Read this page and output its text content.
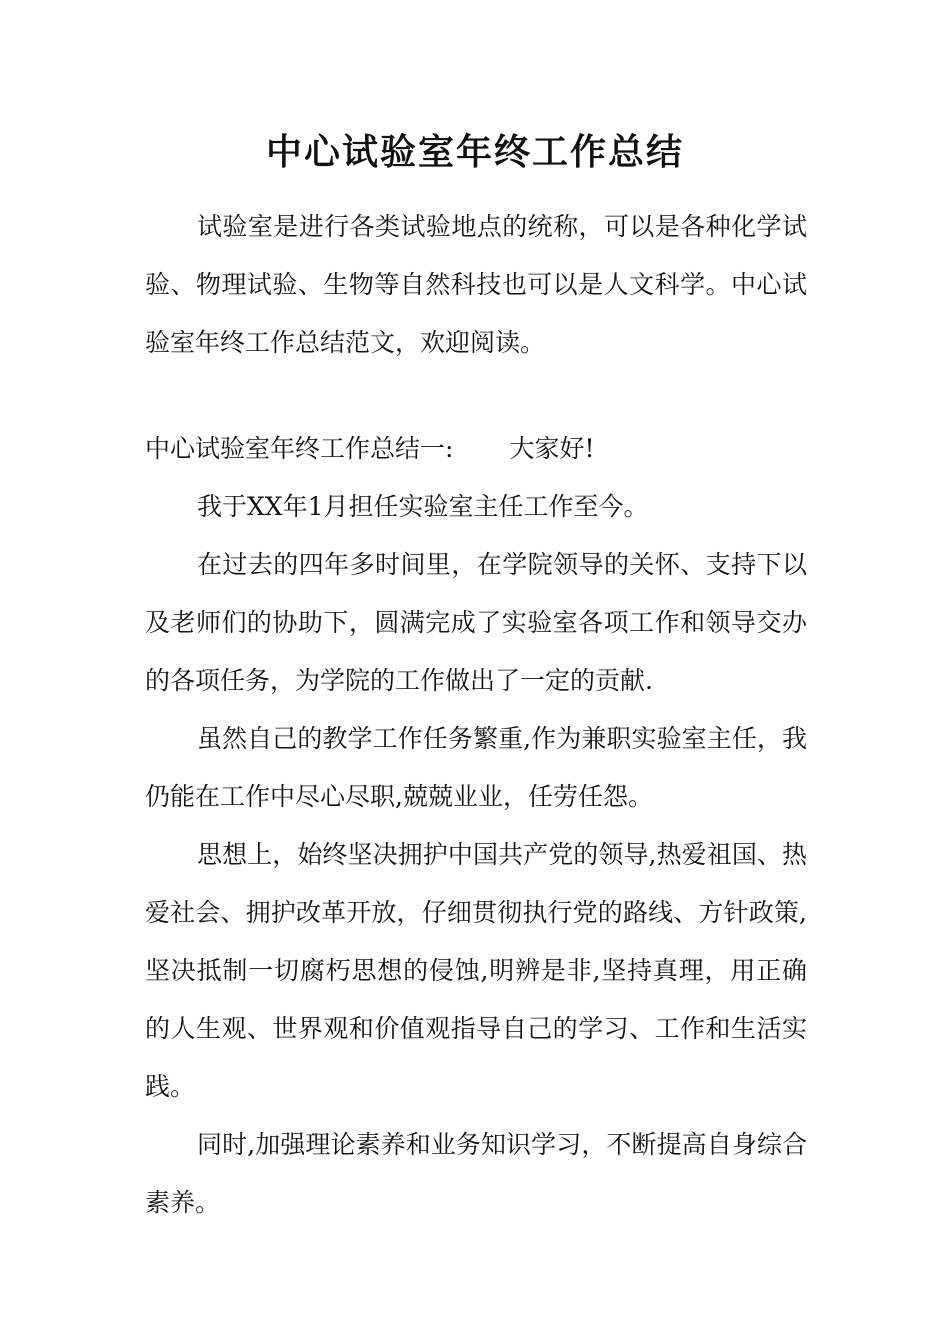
中心试验室年终工作总结

试验室是进行各类试验地点的统称，可以是各种化学试验、物理试验、生物等自然科技也可以是人文科学。中心试验室年终工作总结范文，欢迎阅读。

中心试验室年终工作总结一: 大家好!

我于XX年1月担任实验室主任工作至今。

在过去的四年多时间里，在学院领导的关怀、支持下以及老师们的协助下，圆满完成了实验室各项工作和领导交办的各项任务，为学院的工作做出了一定的贡献.

虽然自己的教学工作任务繁重,作为兼职实验室主任，我仍能在工作中尽心尽职,兢兢业业，任劳任怨。

思想上，始终坚决拥护中国共产党的领导,热爱祖国、热爱社会、拥护改革开放，仔细贯彻执行党的路线、方针政策,坚决抵制一切腐朽思想的侵蚀,明辨是非,坚持真理，用正确的人生观、世界观和价值观指导自己的学习、工作和生活实践。

同时,加强理论素养和业务知识学习，不断提高自身综合素养。
